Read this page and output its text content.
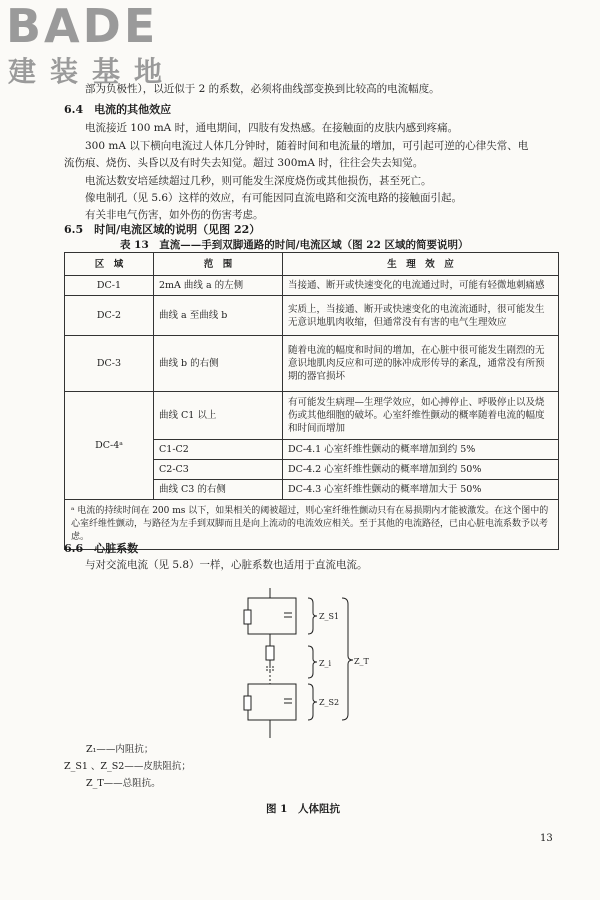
BADE
建装基地
部为负极性），以近似于 2 的系数，必须将曲线部变换到比较高的电流幅度。
6.4　电流的其他效应
电流接近 100 mA 时，通电期间，四肢有发热感。在接触面的皮肤内感到疼痛。
300 mA 以下横向电流过人体几分钟时，随着时间和电流量的增加，可引起可逆的心律失常、电
流伤痕、烧伤、头昏以及有时失去知觉。超过 300mA 时，往往会失去知觉。
电流达数安培延续超过几秒，则可能发生深度烧伤或其他损伤，甚至死亡。
像电制孔（见 5.6）这样的效应，有可能因同直流电路和交流电路的接触面引起。
有关非电气伤害，如外伤的伤害考虑。
6.5　时间/电流区域的说明（见图 22）
表 13　直流——手到双脚通路的时间/电流区域（图 22 区域的简要说明）
区　域	范　围	生　理　效　应
DC-1	2mA 曲线 a 的左侧	当接通、断开或快速变化的电流通过时，可能有轻微地刺痛感
DC-2	曲线 a 至曲线 b	实质上，当接通、断开或快速变化的电流流通时，很可能发生无意识地肌肉收缩，但通常没有有害的电气生理效应
DC-3	曲线 b 的右侧	随着电流的幅度和时间的增加，在心脏中很可能发生剧烈的无意识地肌肉反应和可逆的脉冲成形传导的紊乱，通常没有所预期的器官损坏
DC-4ᵃ	曲线 C1 以上	有可能发生病理—生理学效应，如心搏停止、呼吸停止以及烧伤或其他细胞的破坏。心室纤维性颤动的概率随着电流的幅度和时间而增加
	C1-C2	DC-4.1 心室纤维性颤动的概率增加到约 5%
	C2-C3	DC-4.2 心室纤维性颤动的概率增加到约 50%
	曲线 C3 的右侧	DC-4.3 心室纤维性颤动的概率增加大于 50%
ᵃ 电流的持续时间在 200 ms 以下，如果相关的阈被超过，则心室纤维性颤动只有在易损期内才能被激发。在这个图中的心室纤维性颤动，与路径为左手到双脚而且是向上流动的电流效应相关。至于其他的电流路径，已由心脏电流系数予以考虑。		
6.6　心脏系数
与对交流电流（见 5.8）一样，心脏系数也适用于直流电流。
Z_S1
Z_i
Z_S2
Z_T
Z₁——内阻抗；
Z_S1 、Z_S2——皮肤阻抗；
Z_T——总阻抗。
图 1　人体阻抗
13
